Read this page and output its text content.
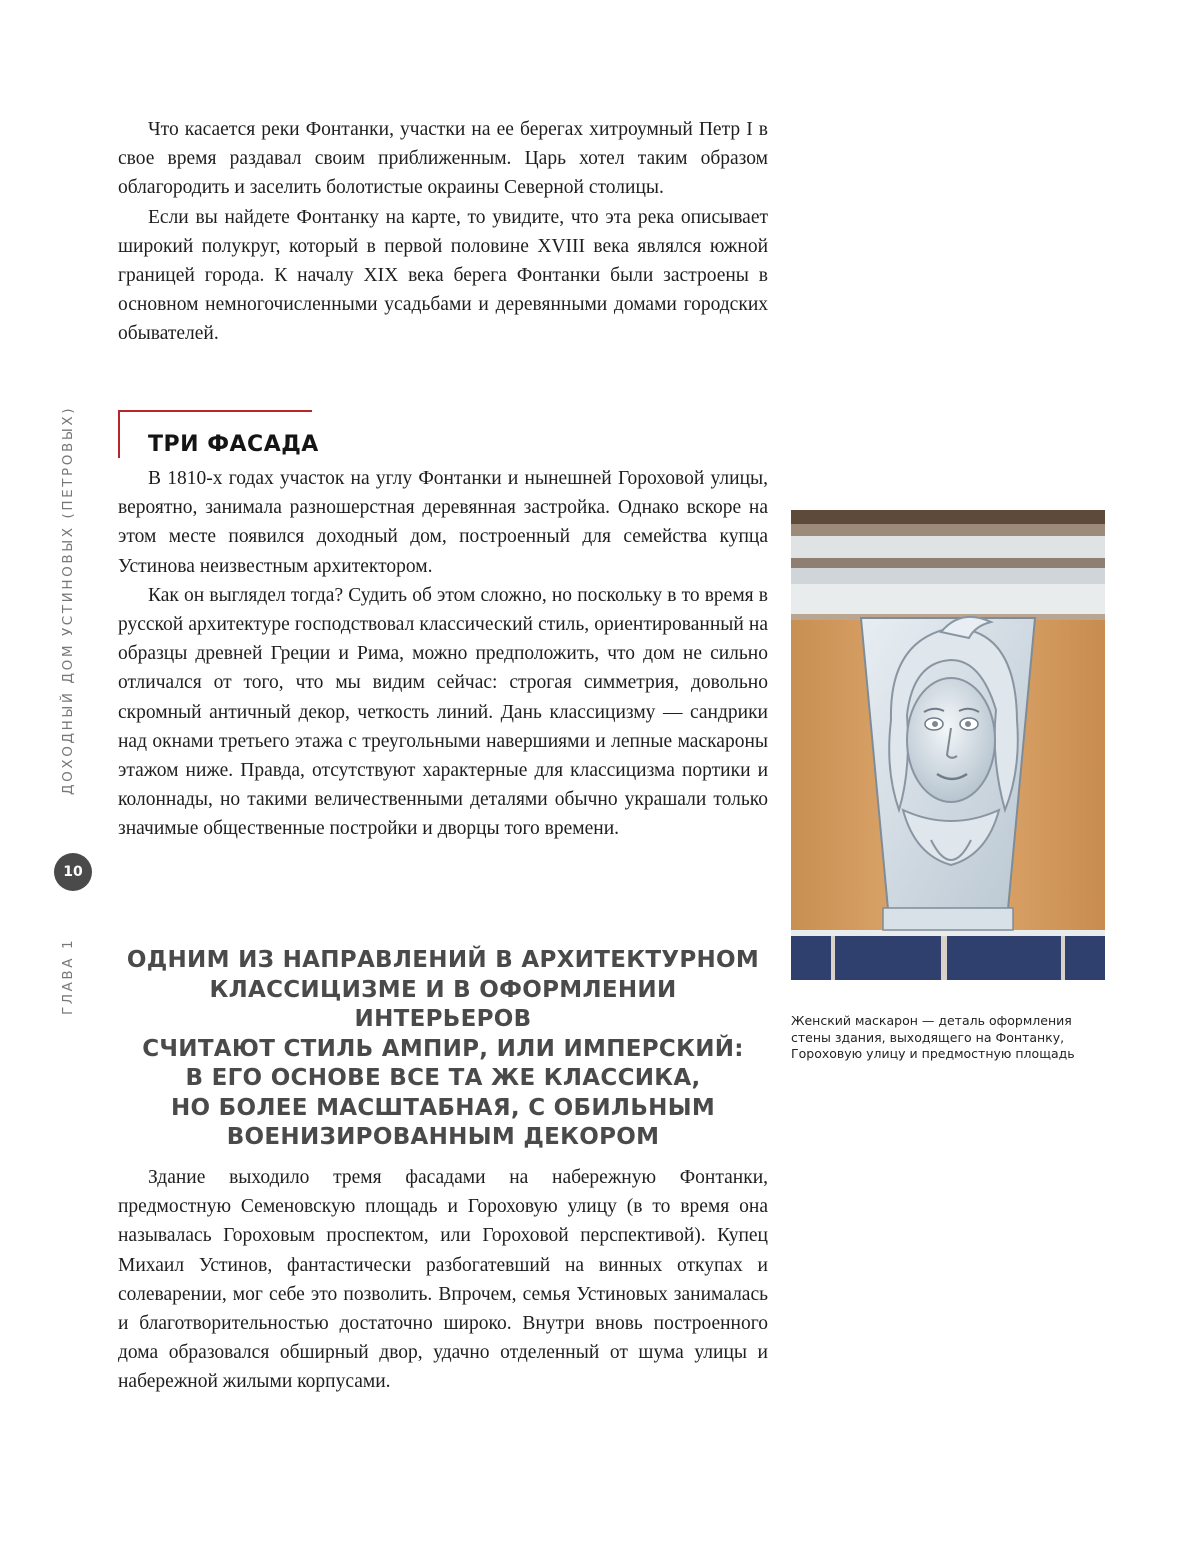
Что касается реки Фонтанки, участки на ее берегах хитроумный Петр I в свое время раздавал своим приближенным. Царь хотел таким образом облагородить и заселить болотистые окраины Северной столицы.

Если вы найдете Фонтанку на карте, то увидите, что эта река описывает широкий полукруг, который в первой половине XVIII века являлся южной границей города. К началу XIX века берега Фонтанки были застроены в основном немногочисленными усадьбами и деревянными домами городских обывателей.

ТРИ ФАСАДА

В 1810-х годах участок на углу Фонтанки и нынешней Гороховой улицы, вероятно, занимала разношерстная деревянная застройка. Однако вскоре на этом месте появился доходный дом, построенный для семейства купца Устинова неизвестным архитектором.

Как он выглядел тогда? Судить об этом сложно, но поскольку в то время в русской архитектуре господствовал классический стиль, ориентированный на образцы древней Греции и Рима, можно предположить, что дом не сильно отличался от того, что мы видим сейчас: строгая симметрия, довольно скромный античный декор, четкость линий. Дань классицизму — сандрики над окнами третьего этажа с треугольными навершиями и лепные маскароны этажом ниже. Правда, отсутствуют характерные для классицизма портики и колоннады, но такими величественными деталями обычно украшали только значимые общественные постройки и дворцы того времени.

ОДНИМ ИЗ НАПРАВЛЕНИЙ В АРХИТЕКТУРНОМ
КЛАССИЦИЗМЕ И В ОФОРМЛЕНИИ ИНТЕРЬЕРОВ
СЧИТАЮТ СТИЛЬ АМПИР, ИЛИ ИМПЕРСКИЙ:
В ЕГО ОСНОВЕ ВСЕ ТА ЖЕ КЛАССИКА,
НО БОЛЕЕ МАСШТАБНАЯ, С ОБИЛЬНЫМ
ВОЕНИЗИРОВАННЫМ ДЕКОРОМ

Здание выходило тремя фасадами на набережную Фонтанки, предмостную Семеновскую площадь и Гороховую улицу (в то время она называлась Гороховым проспектом, или Гороховой перспективой). Купец Михаил Устинов, фантастически разбогатевший на винных откупах и солеварении, мог себе это позволить. Впрочем, семья Устиновых занималась и благотворительностью достаточно широко. Внутри вновь построенного дома образовался обширный двор, удачно отделенный от шума улицы и набережной жилыми корпусами.

ГЛАВА 1
ДОХОДНЫЙ ДОМ УСТИНОВЫХ (ПЕТРОВЫХ)
10

Женский маскарон — деталь оформления стены здания, выходящего на Фонтанку, Гороховую улицу и предмостную площадь
